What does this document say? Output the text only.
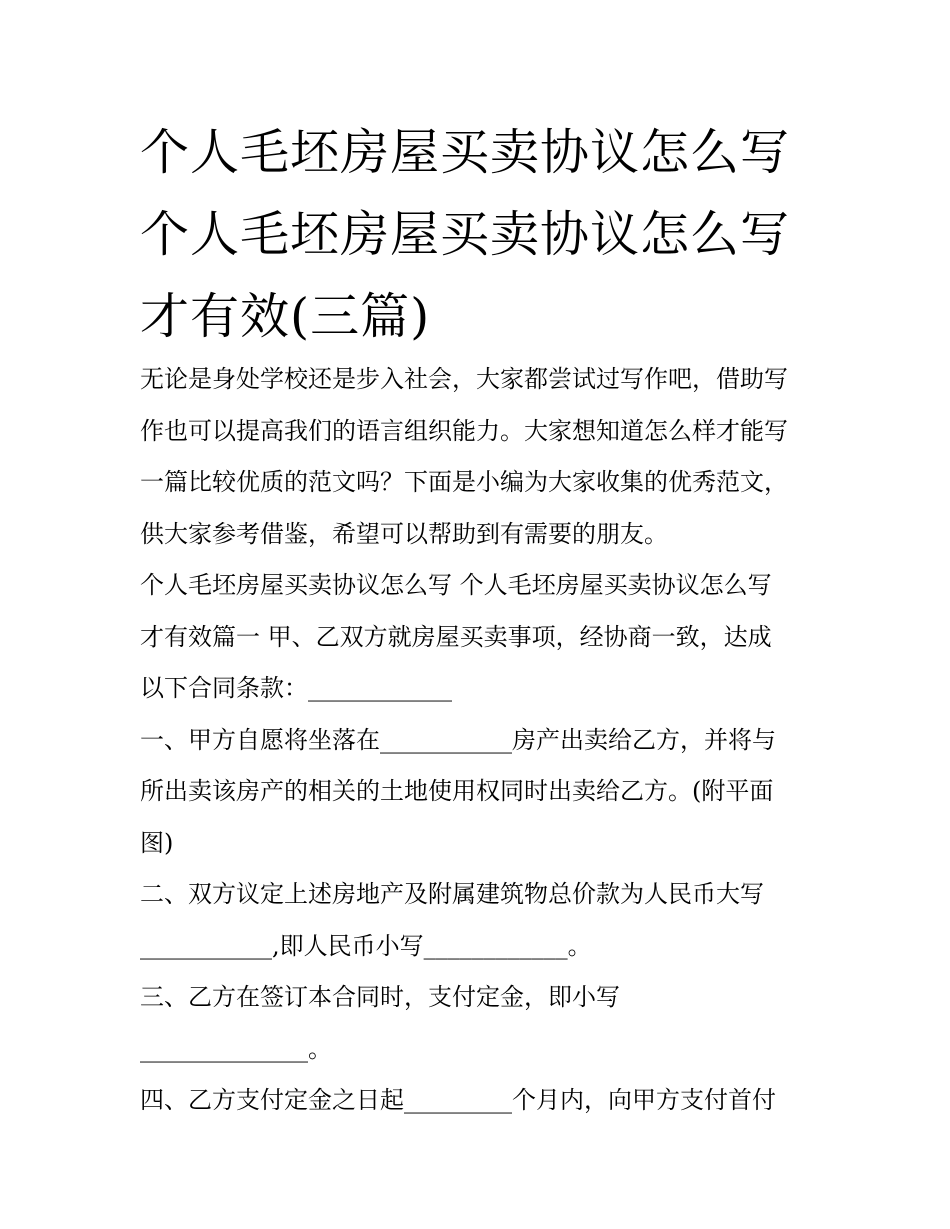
个人毛坯房屋买卖协议怎么写
个人毛坯房屋买卖协议怎么写
才有效(三篇)
无论是身处学校还是步入社会，大家都尝试过写作吧，借助写
作也可以提高我们的语言组织能力。大家想知道怎么样才能写
一篇比较优质的范文吗？下面是小编为大家收集的优秀范文，
供大家参考借鉴，希望可以帮助到有需要的朋友。
个人毛坯房屋买卖协议怎么写 个人毛坯房屋买卖协议怎么写
才有效篇一 甲、乙双方就房屋买卖事项，经协商一致，达成
以下合同条款：____________
一、甲方自愿将坐落在___________房产出卖给乙方，并将与
所出卖该房产的相关的土地使用权同时出卖给乙方。(附平面
图)
二、双方议定上述房地产及附属建筑物总价款为人民币大写
___________,即人民币小写____________。
三、乙方在签订本合同时，支付定金，即小写
______________。
四、乙方支付定金之日起_________个月内，向甲方支付首付
